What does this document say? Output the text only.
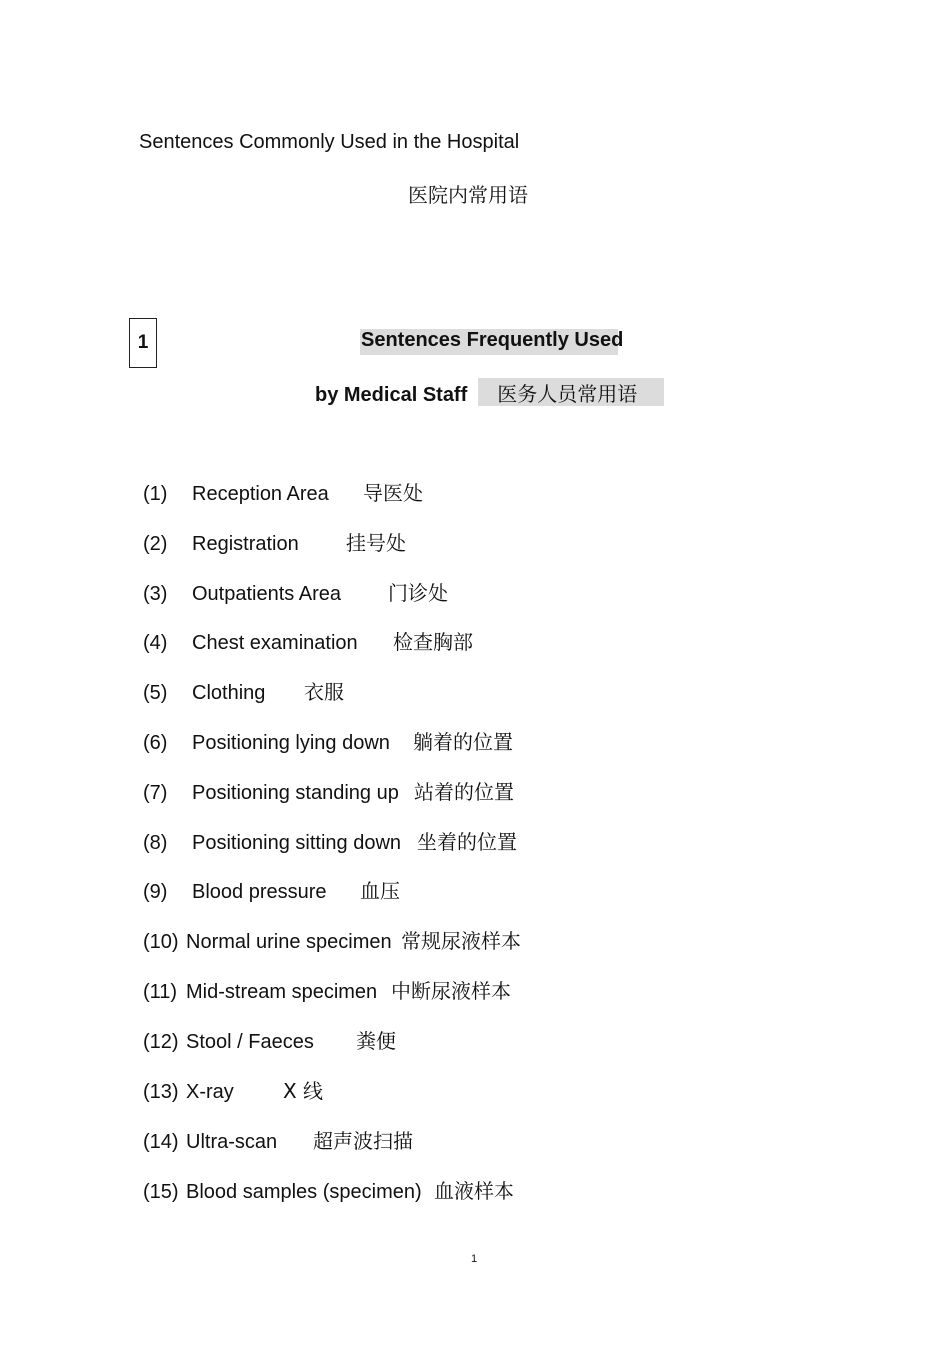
Sentences Commonly Used in the Hospital
医院内常用语
1	Sentences Frequently Used
by Medical Staff 医务人员常用语
(1) Reception Area 导医处
(2) Registration 挂号处
(3) Outpatients Area 门诊处
(4) Chest examination 检查胸部
(5) Clothing 衣服
(6) Positioning lying down 躺着的位置
(7) Positioning standing up 站着的位置
(8) Positioning sitting down 坐着的位置
(9) Blood pressure 血压
(10) Normal urine specimen 常规尿液样本
(11) Mid-stream specimen 中断尿液样本
(12) Stool / Faeces 粪便
(13) X-ray X 线
(14) Ultra-scan 超声波扫描
(15) Blood samples (specimen) 血液样本
1
